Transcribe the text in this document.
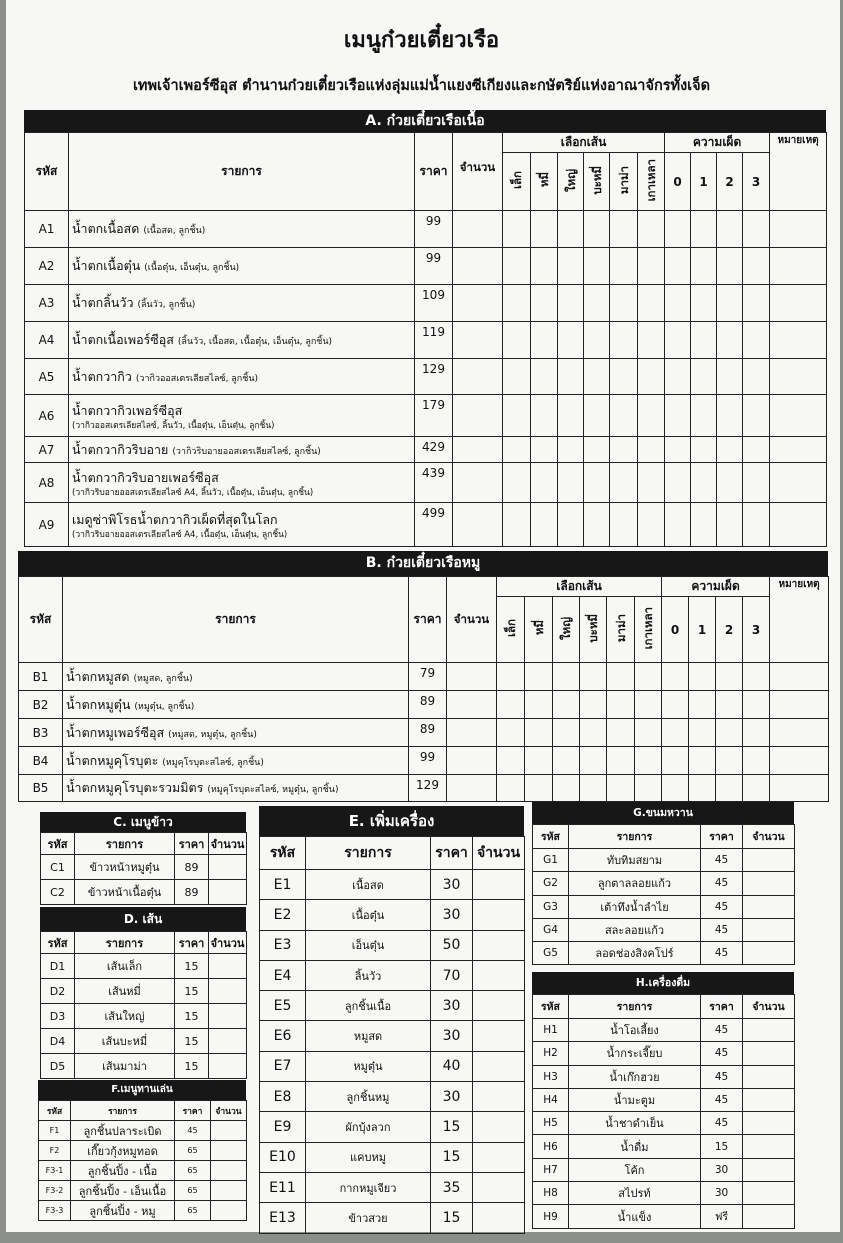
เมนูก๋วยเตี๋ยวเรือ
เทพเจ้าเพอร์ซีอุส ตำนานก๋วยเตี๋ยวเรือแห่งลุ่มแม่น้ำแยงซีเกียงและกษัตริย์แห่งอาณาจักรทั้งเจ็ด
A. ก๋วยเตี๋ยวเรือเนื้อ
รหัส	รายการ	ราคา	จำนวน	เลือกเส้น						ความเผ็ด				หมายเหตุ
				เล็ก	หมี่	ใหญ่	บะหมี่	มาม่า	เกาเหลา	0	1	2	3	
A1	น้ำตกเนื้อสด (เนื้อสด, ลูกชิ้น)	99												
A2	น้ำตกเนื้อตุ๋น (เนื้อตุ๋น, เอ็นตุ๋น, ลูกชิ้น)	99												
A3	น้ำตกลิ้นวัว (ลิ้นวัว, ลูกชิ้น)	109												
A4	น้ำตกเนื้อเพอร์ซีอุส (ลิ้นวัว, เนื้อสด, เนื้อตุ๋น, เอ็นตุ๋น, ลูกชิ้น)	119												
A5	น้ำตกวากิว (วากิวออสเตรเลียสไลซ์, ลูกชิ้น)	129												
A6	น้ำตกวากิวเพอร์ซีอุส
(วากิวออสเตรเลียสไลซ์, ลิ้นวัว, เนื้อตุ๋น, เอ็นตุ๋น, ลูกชิ้น)	179												
A7	น้ำตกวากิวริบอาย (วากิวริบอายออสเตรเลียสไลซ์, ลูกชิ้น)	429												
A8	น้ำตกวากิวริบอายเพอร์ซีอุส
(วากิวริบอายออสเตรเลียสไลซ์ A4, ลิ้นวัว, เนื้อตุ๋น, เอ็นตุ๋น, ลูกชิ้น)	439												
A9	เมดูซ่าพิโรธน้ำตกวากิวเผ็ดที่สุดในโลก
(วากิวริบอายออสเตรเลียสไลซ์ A4, เนื้อตุ๋น, เอ็นตุ๋น, ลูกชิ้น)	499												
B. ก๋วยเตี๋ยวเรือหมู
รหัส	รายการ	ราคา	จำนวน	เลือกเส้น						ความเผ็ด				หมายเหตุ
				เล็ก	หมี่	ใหญ่	บะหมี่	มาม่า	เกาเหลา	0	1	2	3	
B1	น้ำตกหมูสด (หมูสด, ลูกชิ้น)	79												
B2	น้ำตกหมูตุ๋น (หมูตุ๋น, ลูกชิ้น)	89												
B3	น้ำตกหมูเพอร์ซีอุส (หมูสด, หมูตุ๋น, ลูกชิ้น)	89												
B4	น้ำตกหมูคุโรบุตะ (หมูคุโรบุตะสไลซ์, ลูกชิ้น)	99												
B5	น้ำตกหมูคุโรบุตะรวมมิตร (หมูคุโรบุตะสไลซ์, หมูตุ๋น, ลูกชิ้น)	129												
C. เมนูข้าว
รหัส	รายการ	ราคา	จำนวน
C1	ข้าวหน้าหมูตุ๋น	89	
C2	ข้าวหน้าเนื้อตุ๋น	89	
D. เส้น
รหัส	รายการ	ราคา	จำนวน
D1	เส้นเล็ก	15	
D2	เส้นหมี่	15	
D3	เส้นใหญ่	15	
D4	เส้นบะหมี่	15	
D5	เส้นมาม่า	15	
F.เมนูทานเล่น
รหัส	รายการ	ราคา	จำนวน
F1	ลูกชิ้นปลาระเบิด	45	
F2	เกี๊ยวกุ้งหมูทอด	65	
F3-1	ลูกชิ้นปิ้ง - เนื้อ	65	
F3-2	ลูกชิ้นปิ้ง - เอ็นเนื้อ	65	
F3-3	ลูกชิ้นปิ้ง - หมู	65	
E. เพิ่มเครื่อง
รหัส	รายการ	ราคา	จำนวน
E1	เนื้อสด	30	
E2	เนื้อตุ๋น	30	
E3	เอ็นตุ๋น	50	
E4	ลิ้นวัว	70	
E5	ลูกชิ้นเนื้อ	30	
E6	หมูสด	30	
E7	หมูตุ๋น	40	
E8	ลูกชิ้นหมู	30	
E9	ผักบุ้งลวก	15	
E10	แคบหมู	15	
E11	กากหมูเจียว	35	
E13	ข้าวสวย	15	
G.ขนมหวาน
รหัส	รายการ	ราคา	จำนวน
G1	ทับทิมสยาม	45	
G2	ลูกตาลลอยแก้ว	45	
G3	เต้าทึงน้ำลำไย	45	
G4	สละลอยแก้ว	45	
G5	ลอดช่องสิงคโปร์	45	
H.เครื่องดื่ม
รหัส	รายการ	ราคา	จำนวน
H1	น้ำโอเลี้ยง	45	
H2	น้ำกระเจี๊ยบ	45	
H3	น้ำเก๊กฮวย	45	
H4	น้ำมะตูม	45	
H5	น้ำชาดำเย็น	45	
H6	น้ำดื่ม	15	
H7	โค้ก	30	
H8	สไปรท์	30	
H9	น้ำแข็ง	ฟรี	
